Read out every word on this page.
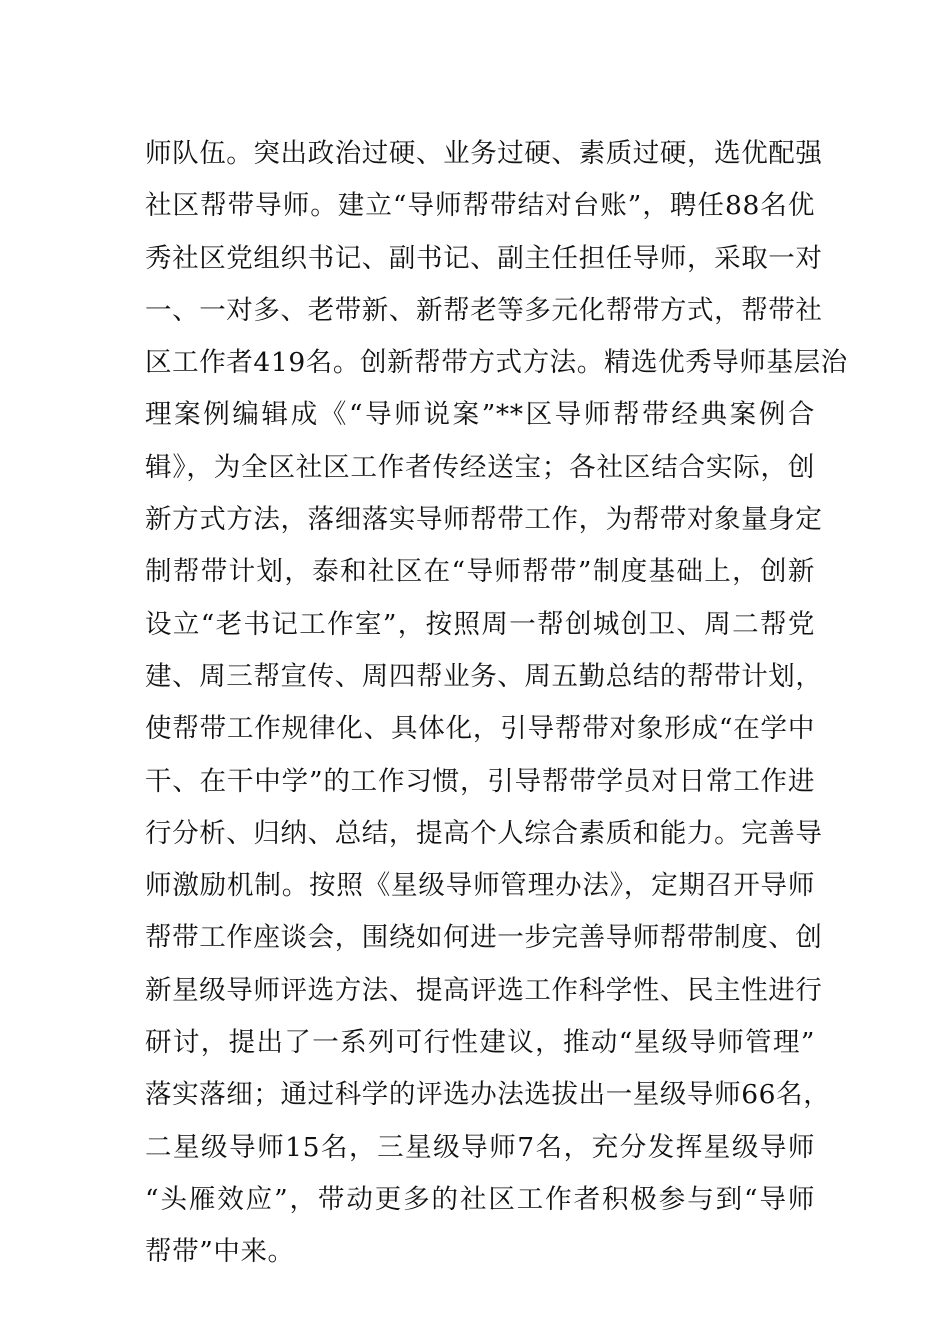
师队伍。突出政治过硬、业务过硬、素质过硬，选优配强
社区帮带导师。建立“导师帮带结对台账”，聘任88名优
秀社区党组织书记、副书记、副主任担任导师，采取一对
一、一对多、老带新、新帮老等多元化帮带方式，帮带社
区工作者419名。创新帮带方式方法。精选优秀导师基层治
理案例编辑成《“导师说案”**区导师帮带经典案例合
辑》，为全区社区工作者传经送宝；各社区结合实际，创
新方式方法，落细落实导师帮带工作，为帮带对象量身定
制帮带计划，泰和社区在“导师帮带”制度基础上，创新
设立“老书记工作室”，按照周一帮创城创卫、周二帮党
建、周三帮宣传、周四帮业务、周五勤总结的帮带计划，
使帮带工作规律化、具体化，引导帮带对象形成“在学中
干、在干中学”的工作习惯，引导帮带学员对日常工作进
行分析、归纳、总结，提高个人综合素质和能力。完善导
师激励机制。按照《星级导师管理办法》，定期召开导师
帮带工作座谈会，围绕如何进一步完善导师帮带制度、创
新星级导师评选方法、提高评选工作科学性、民主性进行
研讨，提出了一系列可行性建议，推动“星级导师管理”
落实落细；通过科学的评选办法选拔出一星级导师66名，
二星级导师15名，三星级导师7名，充分发挥星级导师
“头雁效应”，带动更多的社区工作者积极参与到“导师
帮带”中来。
